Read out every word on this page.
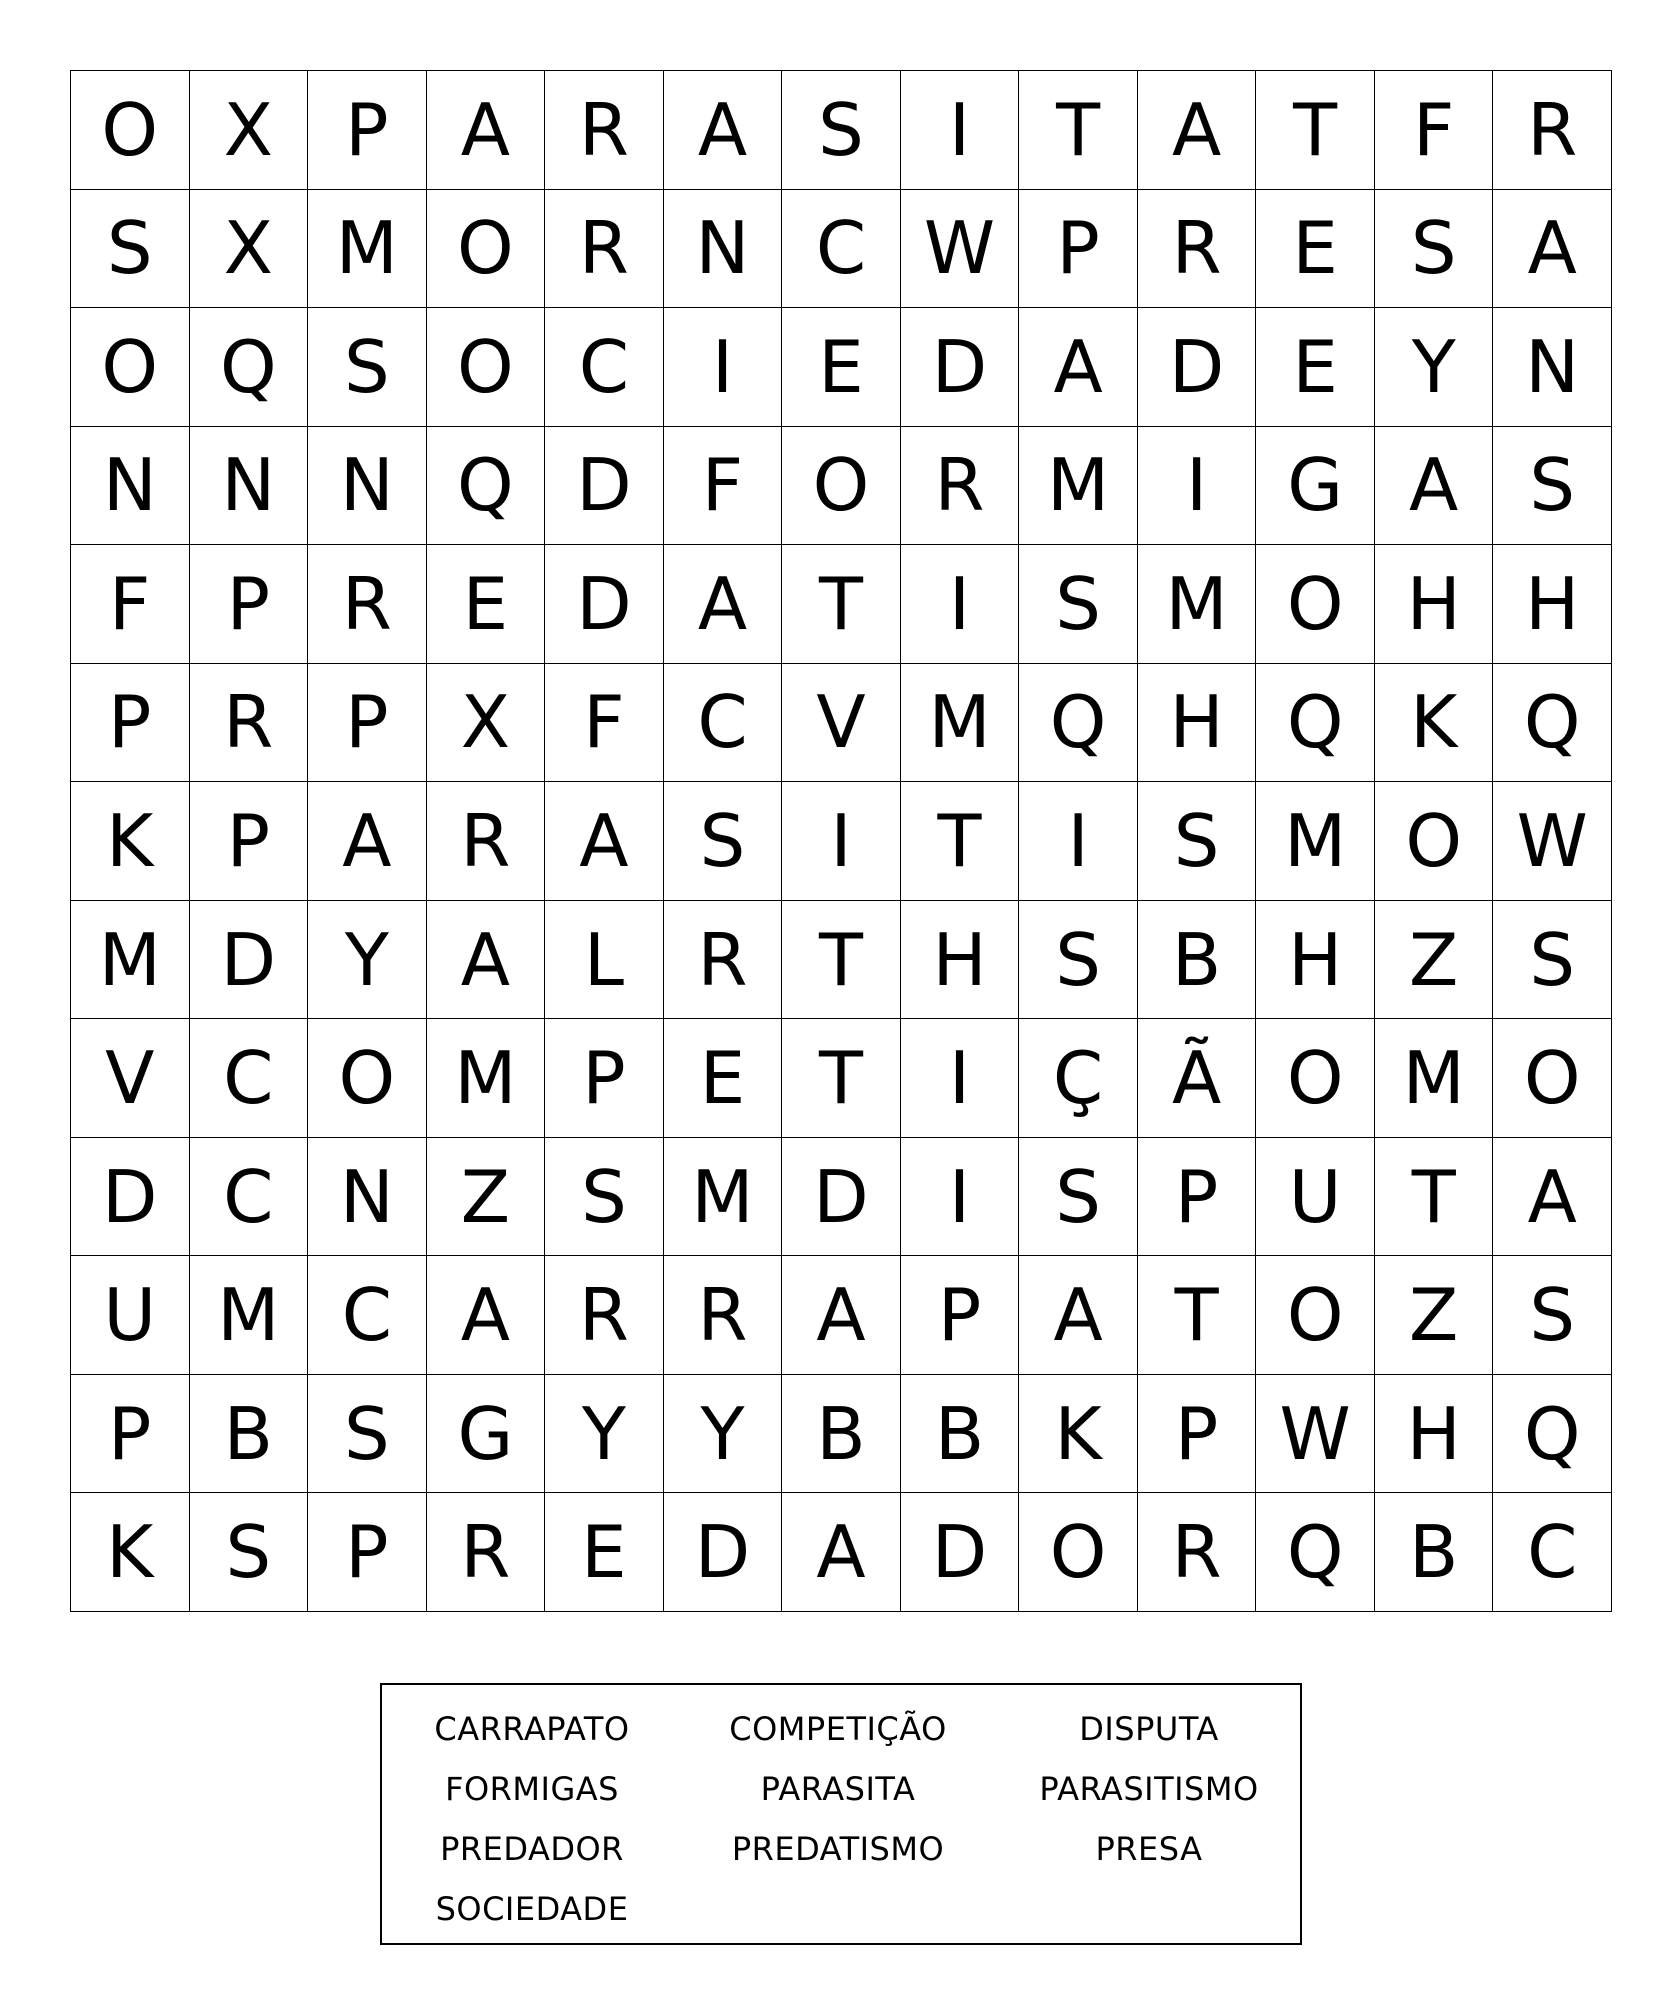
O X	P	A R A S	I	T A T	F	R
S X M O R N C W P R E	S A
O Q S O C	I	E D A D E	Y N
N N N Q D F O R M	I	G A S
F	P R E D A T	I	S M O H H
P R P	X	F	C V M Q H Q K Q
K	P	A R A S	I	T	I	S M O W
M D Y A	L	R T H S B H Z S
V C O M P	E	T	I	Ç Ã O M O
D C N Z S M D	I	S	P U T A
U M C A R R A	P	A T O Z S
P	B S G Y	Y B B K	P W H Q
K	S	P R E D A D O R Q B C
CARRAPATO	COMPETIÇÃO	DISPUTA
FORMIGAS	PARASITA	PARASITISMO
PREDADOR	PREDATISMO	PRESA
SOCIEDADE
